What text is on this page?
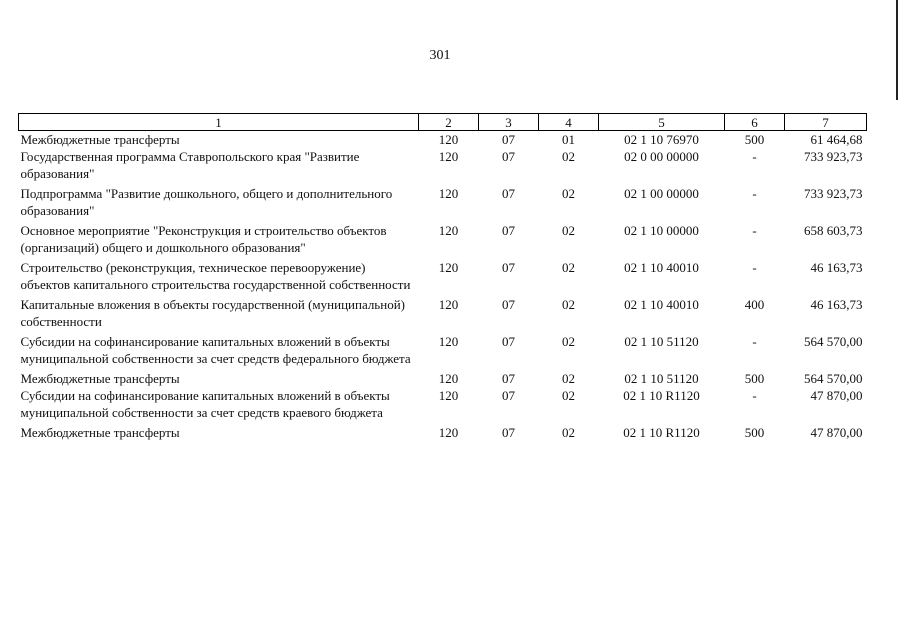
301
1	2	3	4	5	6	7
Межбюджетные трансферты	120	07	01	02 1 10 76970	500	61 464,68
Государственная программа Ставропольского края "Развитие образования"	120	07	02	02 0 00 00000	-	733 923,73
Подпрограмма "Развитие дошкольного, общего и дополнительного образования"	120	07	02	02 1 00 00000	-	733 923,73
Основное мероприятие "Реконструкция и строительство объектов (организаций) общего и дошкольного образования"	120	07	02	02 1 10 00000	-	658 603,73
Строительство (реконструкция, техническое перевооружение) объектов капитального строительства государственной собственности	120	07	02	02 1 10 40010	-	46 163,73
Капитальные вложения в объекты государственной (муниципальной) собственности	120	07	02	02 1 10 40010	400	46 163,73
Субсидии на софинансирование капитальных вложений в объекты муниципальной собственности за счет средств федерального бюджета	120	07	02	02 1 10 51120	-	564 570,00
Межбюджетные трансферты	120	07	02	02 1 10 51120	500	564 570,00
Субсидии на софинансирование капитальных вложений в объекты муниципальной собственности за счет средств краевого бюджета	120	07	02	02 1 10 R1120	-	47 870,00
Межбюджетные трансферты	120	07	02	02 1 10 R1120	500	47 870,00
